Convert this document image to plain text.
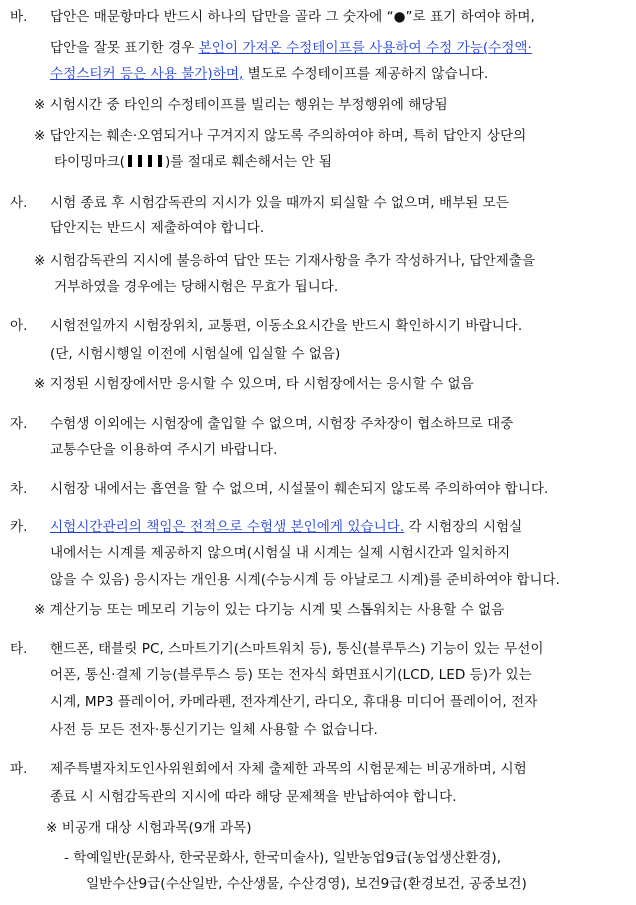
바. 답안은 매문항마다 반드시 하나의 답만을 골라 그 숫자에 “●”로 표기 하여야 하며,
답안을 잘못 표기한 경우 본인이 가져온 수정테이프를 사용하여 수정 가능(수정액·
수정스티커 등은 사용 불가)하며, 별도로 수정테이프를 제공하지 않습니다.
※ 시험시간 중 타인의 수정테이프를 빌리는 행위는 부정행위에 해당됨
※ 답안지는 훼손·오염되거나 구겨지지 않도록 주의하여야 하며, 특히 답안지 상단의
타이밍마크(	)를 절대로 훼손해서는 안 됨
사. 시험 종료 후 시험감독관의 지시가 있을 때까지 퇴실할 수 없으며, 배부된 모든
답안지는 반드시 제출하여야 합니다.
※ 시험감독관의 지시에 불응하여 답안 또는 기재사항을 추가 작성하거나, 답안제출을
거부하였을 경우에는 당해시험은 무효가 됩니다.
아. 시험전일까지 시험장위치, 교통편, 이동소요시간을 반드시 확인하시기 바랍니다.
(단, 시험시행일 이전에 시험실에 입실할 수 없음)
※ 지정된 시험장에서만 응시할 수 있으며, 타 시험장에서는 응시할 수 없음
자. 수험생 이외에는 시험장에 출입할 수 없으며, 시험장 주차장이 협소하므로 대중
교통수단을 이용하여 주시기 바랍니다.
차. 시험장 내에서는 흡연을 할 수 없으며, 시설물이 훼손되지 않도록 주의하여야 합니다.
카. 시험시간관리의 책임은 전적으로 수험생 본인에게 있습니다. 각 시험장의 시험실
내에서는 시계를 제공하지 않으며(시험실 내 시계는 실제 시험시간과 일치하지
않을 수 있음) 응시자는 개인용 시계(수능시계 등 아날로그 시계)를 준비하여야 합니다.
※ 계산기능 또는 메모리 기능이 있는 다기능 시계 및 스톱워치는 사용할 수 없음
타. 핸드폰, 태블릿 PC, 스마트기기(스마트워치 등), 통신(블루투스) 기능이 있는 무선이
어폰, 통신·결제 기능(블루투스 등) 또는 전자식 화면표시기(LCD, LED 등)가 있는
시계, MP3 플레이어, 카메라펜, 전자계산기, 라디오, 휴대용 미디어 플레이어, 전자
사전 등 모든 전자·통신기기는 일체 사용할 수 없습니다.
파. 제주특별자치도인사위원회에서 자체 출제한 과목의 시험문제는 비공개하며, 시험
종료 시 시험감독관의 지시에 따라 해당 문제책을 반납하여야 합니다.
※ 비공개 대상 시험과목(9개 과목)
- 학예일반(문화사, 한국문화사, 한국미술사), 일반농업9급(농업생산환경),
일반수산9급(수산일반, 수산생물, 수산경영), 보건9급(환경보건, 공중보건)
